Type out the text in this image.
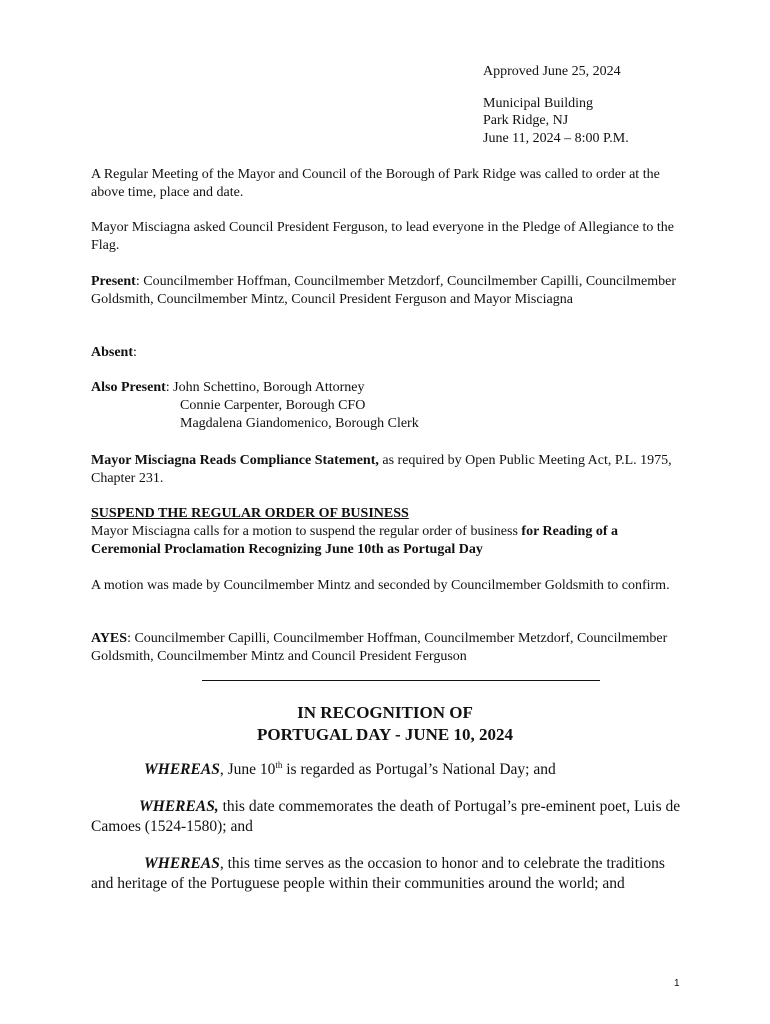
Approved June 25, 2024
Municipal Building
Park Ridge, NJ
June 11, 2024 – 8:00 P.M.

A Regular Meeting of the Mayor and Council of the Borough of Park Ridge was called to order at the above time, place and date.

Mayor Misciagna asked Council President Ferguson, to lead everyone in the Pledge of Allegiance to the Flag.

Present: Councilmember Hoffman, Councilmember Metzdorf, Councilmember Capilli, Councilmember Goldsmith, Councilmember Mintz, Council President Ferguson and Mayor Misciagna

Absent:

Also Present: John Schettino, Borough Attorney
Connie Carpenter, Borough CFO
Magdalena Giandomenico, Borough Clerk

Mayor Misciagna Reads Compliance Statement, as required by Open Public Meeting Act, P.L. 1975, Chapter 231.

SUSPEND THE REGULAR ORDER OF BUSINESS
Mayor Misciagna calls for a motion to suspend the regular order of business for Reading of a Ceremonial Proclamation Recognizing June 10th as Portugal Day

A motion was made by Councilmember Mintz and seconded by Councilmember Goldsmith to confirm.

AYES: Councilmember Capilli, Councilmember Hoffman, Councilmember Metzdorf, Councilmember Goldsmith, Councilmember Mintz and Council President Ferguson

IN RECOGNITION OF
PORTUGAL DAY - JUNE 10, 2024

WHEREAS, June 10th is regarded as Portugal’s National Day; and

WHEREAS, this date commemorates the death of Portugal’s pre-eminent poet, Luis de Camoes (1524-1580); and

WHEREAS, this time serves as the occasion to honor and to celebrate the traditions and heritage of the Portuguese people within their communities around the world; and

1
